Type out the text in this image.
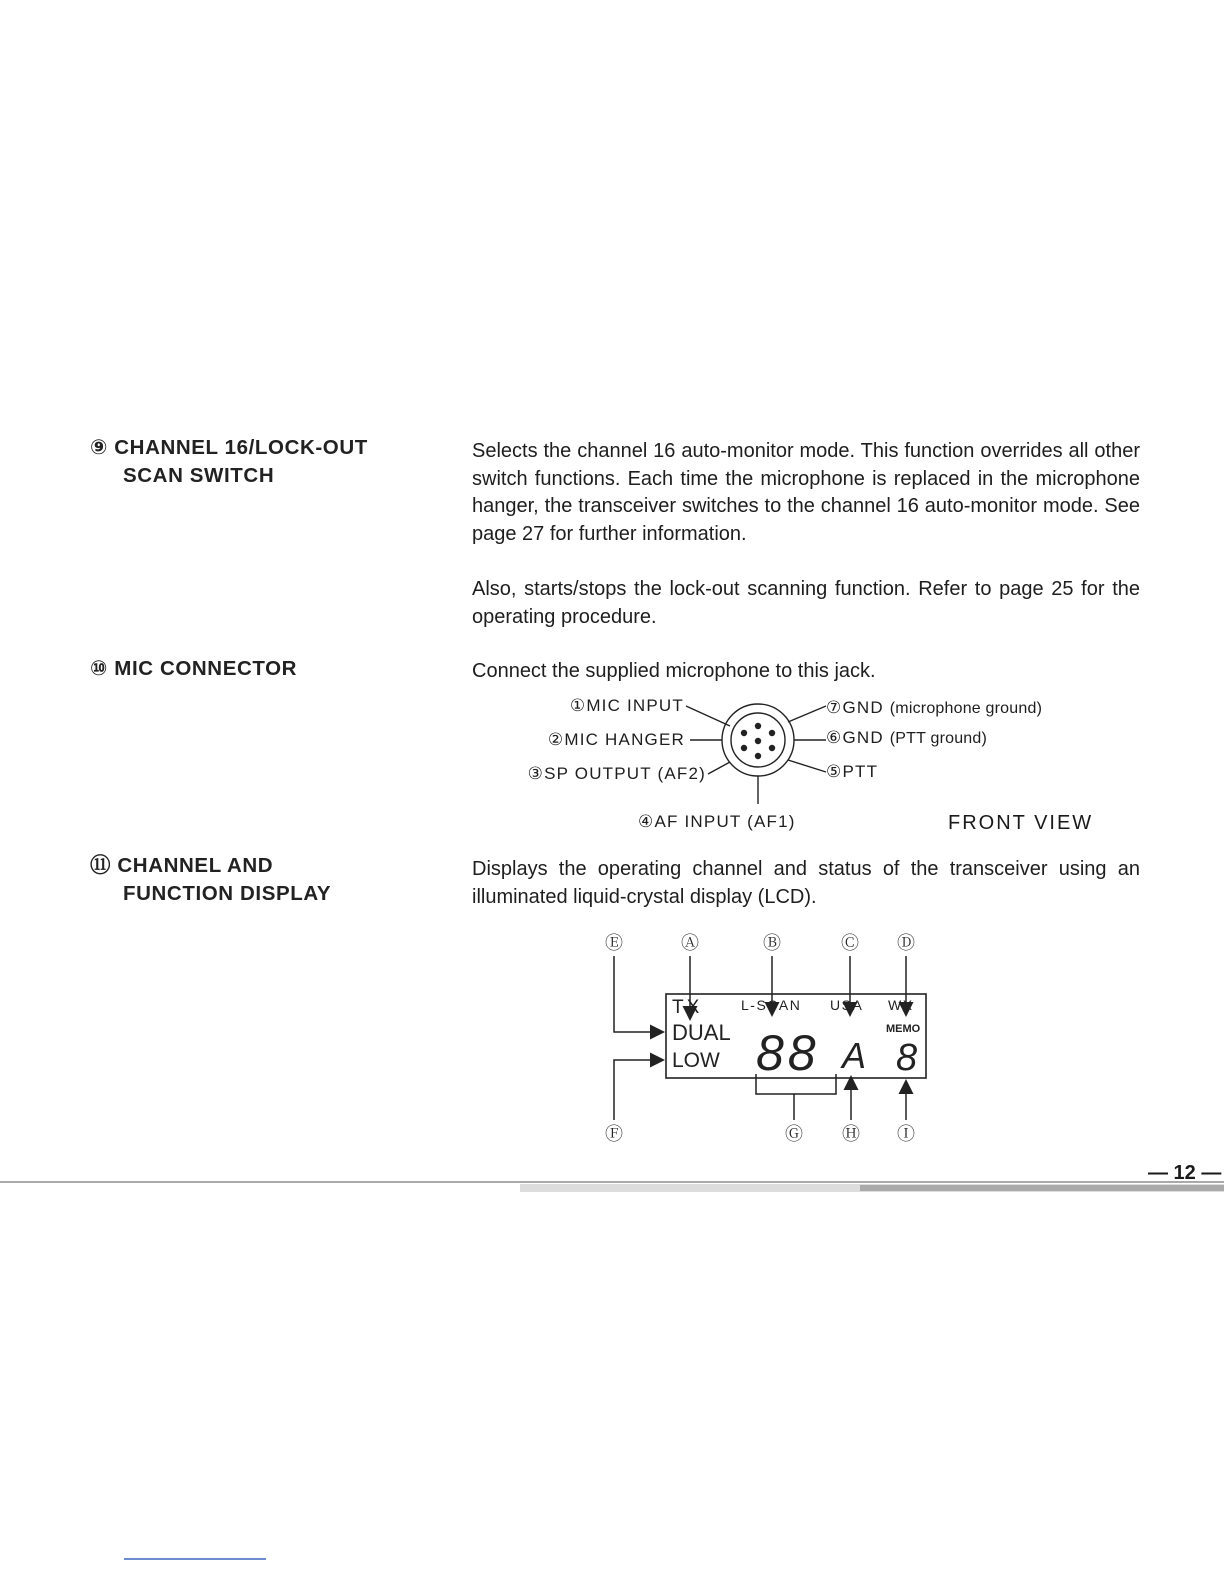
⑨ CHANNEL 16/LOCK-OUT
SCAN SWITCH

Selects the channel 16 auto-monitor mode. This function overrides all other switch functions. Each time the microphone is replaced in the microphone hanger, the transceiver switches to the channel 16 auto-monitor mode. See page 27 for further information.

Also, starts/stops the lock-out scanning function. Refer to page 25 for the operating procedure.

⑩ MIC CONNECTOR	Connect the supplied microphone to this jack.

①MIC INPUT
②MIC HANGER
③SP OUTPUT (AF2)
④AF INPUT (AF1)
⑤PTT
⑥GND (PTT ground)
⑦GND (microphone ground)
FRONT VIEW
⑪ CHANNEL AND
FUNCTION DISPLAY

Displays the operating channel and status of the transceiver using an illuminated liquid-crystal display (LCD).

Ⓔ	Ⓐ	Ⓑ	Ⓒ Ⓓ
Ⓕ	Ⓖ Ⓗ Ⓘ
TX	L-SCAN USA WX
DUAL
LOW
MEMO
88 A 8
— 12 —
